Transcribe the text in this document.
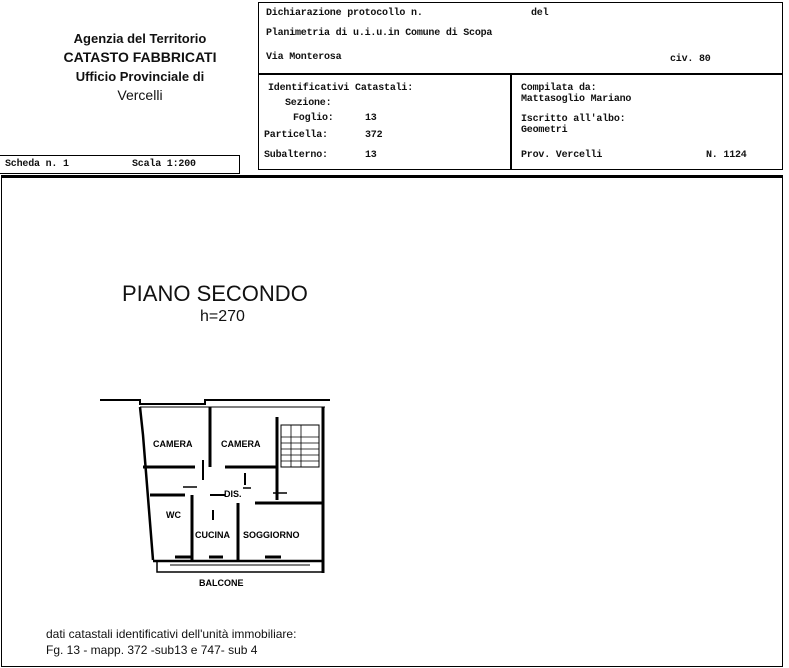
Agenzia del Territorio
CATASTO FABBRICATI
Ufficio Provinciale di
Vercelli
Dichiarazione protocollo n.	del
Planimetria di u.i.u.in Comune di Scopa
Via Monterosa	civ. 80
Identificativi Catastali:
Sezione:
Foglio:	13
Particella:	372
Subalterno:	13
Compilata da:
Mattasoglio Mariano
Iscritto all'albo:
Geometri
Prov. Vercelli	N. 1124
Scheda n. 1	Scala 1:200
PIANO SECONDO
h=270
CAMERA	CAMERA
DIS.
WC
CUCINA SOGGIORNO
BALCONE
dati catastali identificativi dell'unità immobiliare:
Fg. 13 - mapp. 372 -sub13 e 747- sub 4
